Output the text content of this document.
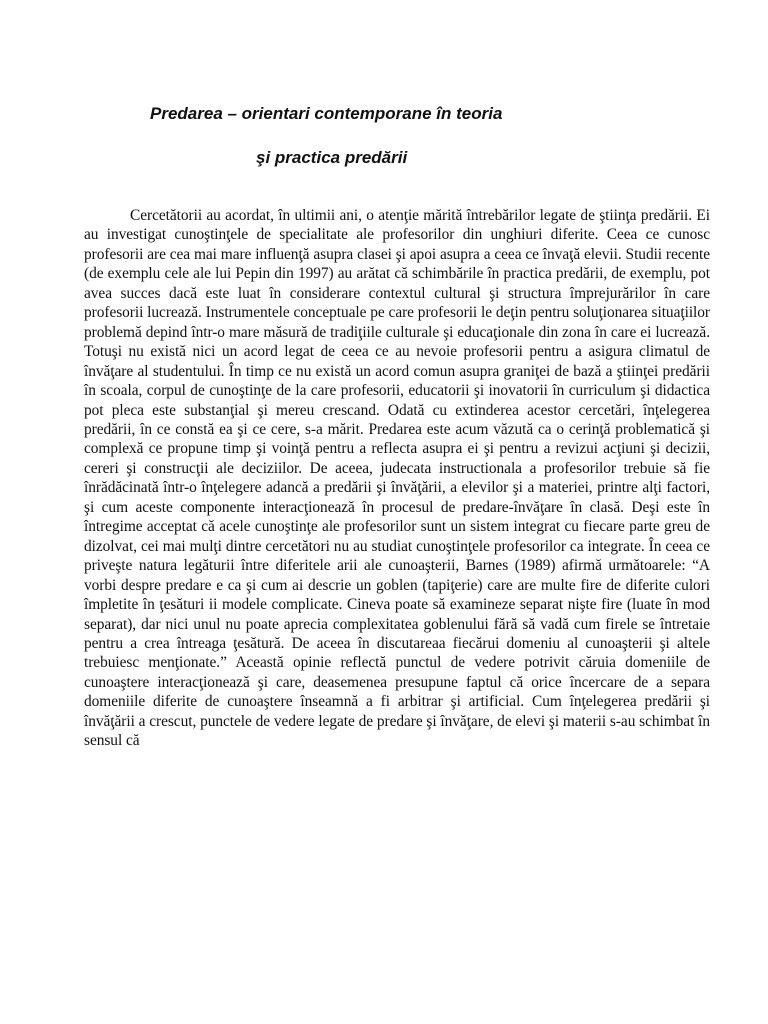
Predarea – orientari contemporane în teoria
şi practica predării

Cercetătorii au acordat, în ultimii ani, o atenţie mărită întrebărilor legate de ştiinţa predării. Ei au investigat cunoştinţele de specialitate ale profesorilor din unghiuri diferite. Ceea ce cunosc profesorii are cea mai mare influenţă asupra clasei şi apoi asupra a ceea ce învaţă elevii. Studii recente (de exemplu cele ale lui Pepin din 1997) au arătat că schimbările în practica predării, de exemplu, pot avea succes dacă este luat în considerare contextul cultural şi structura împrejurărilor în care profesorii lucrează. Instrumentele conceptuale pe care profesorii le deţin pentru soluţionarea situaţiilor problemă depind într-o mare măsură de tradiţiile culturale şi educaţionale din zona în care ei lucrează. Totuşi nu există nici un acord legat de ceea ce au nevoie profesorii pentru a asigura climatul de învăţare al studentului. În timp ce nu există un acord comun asupra graniţei de bază a ştiinţei predării în scoala, corpul de cunoştinţe de la care profesorii, educatorii şi inovatorii în curriculum şi didactica pot pleca este substanţial şi mereu crescand. Odată cu extinderea acestor cercetări, înţelegerea predării, în ce constă ea şi ce cere, s-a mărit. Predarea este acum văzută ca o cerinţă problematică şi complexă ce propune timp şi voinţă pentru a reflecta asupra ei şi pentru a revizui acţiuni şi decizii, cereri şi construcţii ale deciziilor. De aceea, judecata instructionala a profesorilor trebuie să fie înrădăcinată într-o înţelegere adancă a predării şi învăţării, a elevilor şi a materiei, printre alţi factori, şi cum aceste componente interacţionează în procesul de predare-învăţare în clasă. Deşi este în întregime acceptat că acele cunoştinţe ale profesorilor sunt un sistem integrat cu fiecare parte greu de dizolvat, cei mai mulţi dintre cercetători nu au studiat cunoştinţele profesorilor ca integrate. În ceea ce priveşte natura legăturii între diferitele arii ale cunoaşterii, Barnes (1989) afirmă următoarele: “A vorbi despre predare e ca şi cum ai descrie un goblen (tapiţerie) care are multe fire de diferite culori împletite în ţesături ii modele complicate. Cineva poate să examineze separat nişte fire (luate în mod separat), dar nici unul nu poate aprecia complexitatea goblenului fără să vadă cum firele se întretaie pentru a crea întreaga ţesătură. De aceea în discutareaa fiecărui domeniu al cunoaşterii şi altele trebuiesc menţionate.” Această opinie reflectă punctul de vedere potrivit căruia domeniile de cunoaştere interacţionează şi care, deasemenea presupune faptul că orice încercare de a separa domeniile diferite de cunoaştere înseamnă a fi arbitrar şi artificial. Cum înţelegerea predării şi învăţării a crescut, punctele de vedere legate de predare şi învăţare, de elevi şi materii s-au schimbat în sensul că
